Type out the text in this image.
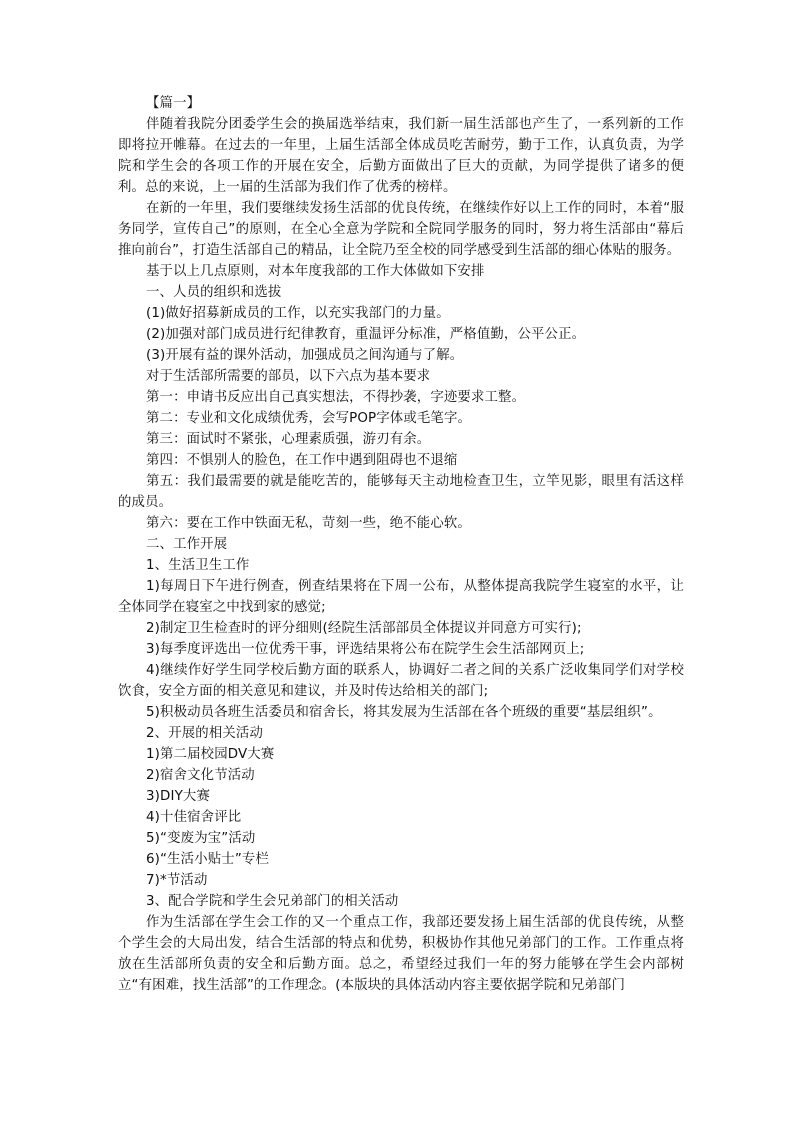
【篇一】

伴随着我院分团委学生会的换届选举结束，我们新一届生活部也产生了，一系列新的工作即将拉开帷幕。在过去的一年里，上届生活部全体成员吃苦耐劳，勤于工作，认真负责，为学院和学生会的各项工作的开展在安全，后勤方面做出了巨大的贡献，为同学提供了诸多的便利。总的来说，上一届的生活部为我们作了优秀的榜样。

在新的一年里，我们要继续发扬生活部的优良传统，在继续作好以上工作的同时，本着“服务同学，宣传自己”的原则，在全心全意为学院和全院同学服务的同时，努力将生活部由“幕后推向前台”，打造生活部自己的精品，让全院乃至全校的同学感受到生活部的细心体贴的服务。

基于以上几点原则，对本年度我部的工作大体做如下安排

一、人员的组织和选拔

(1)做好招募新成员的工作，以充实我部门的力量。

(2)加强对部门成员进行纪律教育，重温评分标准，严格值勤，公平公正。

(3)开展有益的课外活动，加强成员之间沟通与了解。

对于生活部所需要的部员，以下六点为基本要求

第一：申请书反应出自己真实想法，不得抄袭，字迹要求工整。

第二：专业和文化成绩优秀，会写POP字体或毛笔字。

第三：面试时不紧张，心理素质强，游刃有余。

第四：不惧别人的脸色，在工作中遇到阻碍也不退缩

第五：我们最需要的就是能吃苦的，能够每天主动地检查卫生，立竿见影，眼里有活这样的成员。

第六：要在工作中铁面无私，苛刻一些，绝不能心软。

二、工作开展

1、生活卫生工作

1)每周日下午进行例查，例查结果将在下周一公布，从整体提高我院学生寝室的水平，让全体同学在寝室之中找到家的感觉;

2)制定卫生检查时的评分细则(经院生活部部员全体提议并同意方可实行);

3)每季度评选出一位优秀干事，评选结果将公布在院学生会生活部网页上;

4)继续作好学生同学校后勤方面的联系人，协调好二者之间的关系广泛收集同学们对学校饮食，安全方面的相关意见和建议，并及时传达给相关的部门;

5)积极动员各班生活委员和宿舍长，将其发展为生活部在各个班级的重要“基层组织”。

2、开展的相关活动

1)第二届校园DV大赛

2)宿舍文化节活动

3)DIY大赛

4)十佳宿舍评比

5)“变废为宝”活动

6)“生活小贴士”专栏

7)*节活动

3、配合学院和学生会兄弟部门的相关活动

作为生活部在学生会工作的又一个重点工作，我部还要发扬上届生活部的优良传统，从整个学生会的大局出发，结合生活部的特点和优势，积极协作其他兄弟部门的工作。工作重点将放在生活部所负责的安全和后勤方面。总之，希望经过我们一年的努力能够在学生会内部树立“有困难，找生活部”的工作理念。(本版块的具体活动内容主要依据学院和兄弟部门
